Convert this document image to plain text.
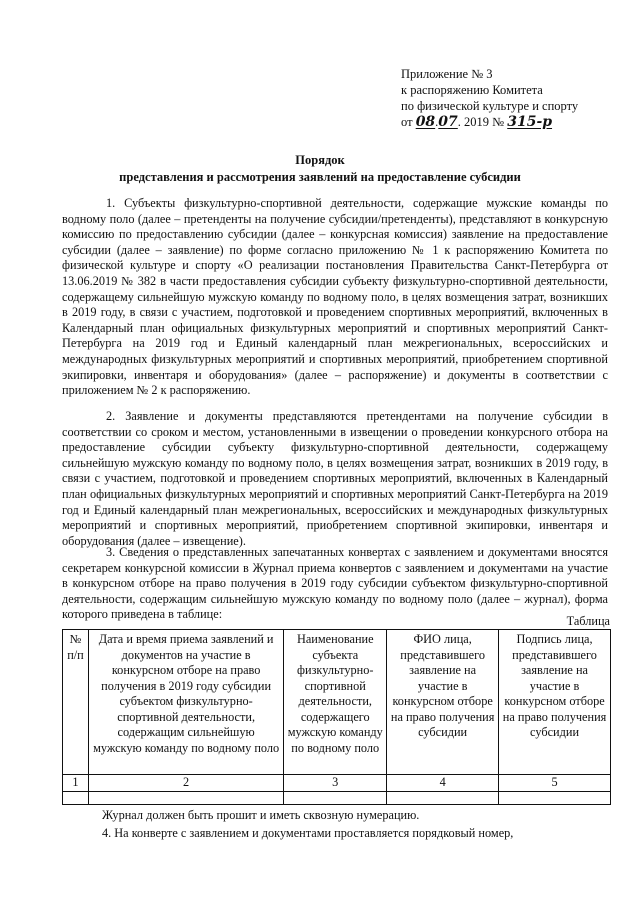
Приложение № 3
к распоряжению Комитета
по физической культуре и спорту
от 08.07. 2019 № 315-р
Порядок
представления и рассмотрения заявлений на предоставление субсидии

1. Субъекты физкультурно-спортивной деятельности, содержащие мужские команды по водному поло (далее – претенденты на получение субсидии/претенденты), представляют в конкурсную комиссию по предоставлению субсидии (далее – конкурсная комиссия) заявление на предоставление субсидии (далее – заявление) по форме согласно приложению № 1 к распоряжению Комитета по физической культуре и спорту «О реализации постановления Правительства Санкт-Петербурга от 13.06.2019 № 382 в части предоставления субсидии субъекту физкультурно-спортивной деятельности, содержащему сильнейшую мужскую команду по водному поло, в целях возмещения затрат, возникших в 2019 году, в связи с участием, подготовкой и проведением спортивных мероприятий, включенных в Календарный план официальных физкультурных мероприятий и спортивных мероприятий Санкт-Петербурга на 2019 год и Единый календарный план межрегиональных, всероссийских и международных физкультурных мероприятий и спортивных мероприятий, приобретением спортивной экипировки, инвентаря и оборудования» (далее – распоряжение) и документы в соответствии с приложением № 2 к распоряжению.

2. Заявление и документы представляются претендентами на получение субсидии в соответствии со сроком и местом, установленными в извещении о проведении конкурсного отбора на предоставление субсидии субъекту физкультурно-спортивной деятельности, содержащему сильнейшую мужскую команду по водному поло, в целях возмещения затрат, возникших в 2019 году, в связи с участием, подготовкой и проведением спортивных мероприятий, включенных в Календарный план официальных физкультурных мероприятий и спортивных мероприятий Санкт-Петербурга на 2019 год и Единый календарный план межрегиональных, всероссийских и международных физкультурных мероприятий и спортивных мероприятий, приобретением спортивной экипировки, инвентаря и оборудования (далее – извещение).

3. Сведения о представленных запечатанных конвертах с заявлением и документами вносятся секретарем конкурсной комиссии в Журнал приема конвертов с заявлением и документами на участие в конкурсном отборе на право получения в 2019 году субсидии субъектом физкультурно-спортивной деятельности, содержащим сильнейшую мужскую команду по водному поло (далее – журнал), форма которого приведена в таблице:	Таблица
№ п/п	Дата и время приема заявлений и документов на участие в конкурсном отборе на право получения в 2019 году субсидии субъектом физкультурно-спортивной деятельности, содержащим сильнейшую мужскую команду по водному поло	Наименование субъекта физкультурно-спортивной деятельности, содержащего мужскую команду по водному поло	ФИО лица, представившего заявление на участие в конкурсном отборе на право получения субсидии	Подпись лица, представившего заявление на участие в конкурсном отборе на право получения субсидии
1	2	3	4	5

Журнал должен быть прошит и иметь сквозную нумерацию.
4. На конверте с заявлением и документами проставляется порядковый номер,
